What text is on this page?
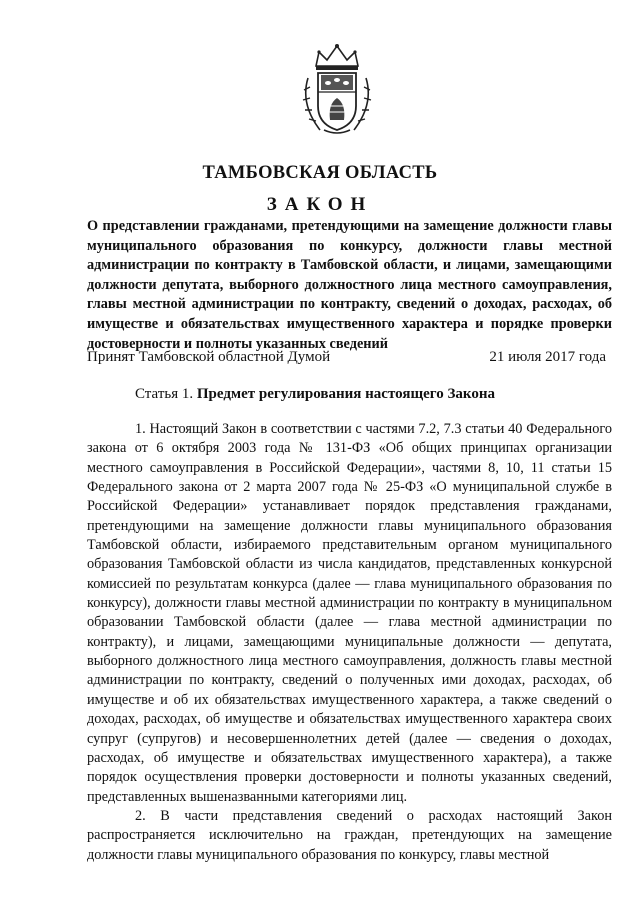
ТАМБОВСКАЯ ОБЛАСТЬ
ЗАКОН
О представлении гражданами, претендующими на замещение должности главы муниципального образования по конкурсу, должности главы местной администрации по контракту в Тамбовской области, и лицами, замещающими должности депутата, выборного должностного лица местного самоуправления, главы местной администрации по контракту, сведений о доходах, расходах, об имуществе и обязательствах имущественного характера и порядке проверки достоверности и полноты указанных сведений
Принят Тамбовской областной Думой	21 июля 2017 года
Статья 1. Предмет регулирования настоящего Закона

1. Настоящий Закон в соответствии с частями 7.2, 7.3 статьи 40 Федерального закона от 6 октября 2003 года № 131-ФЗ «Об общих принципах организации местного самоуправления в Российской Федерации», частями 8, 10, 11 статьи 15 Федерального закона от 2 марта 2007 года № 25-ФЗ «О муниципальной службе в Российской Федерации» устанавливает порядок представления гражданами, претендующими на замещение должности главы муниципального образования Тамбовской области, избираемого представительным органом муниципального образования Тамбовской области из числа кандидатов, представленных конкурсной комиссией по результатам конкурса (далее — глава муниципального образования по конкурсу), должности главы местной администрации по контракту в муниципальном образовании Тамбовской области (далее — глава местной администрации по контракту), и лицами, замещающими муниципальные должности — депутата, выборного должностного лица местного самоуправления, должность главы местной администрации по контракту, сведений о полученных ими доходах, расходах, об имуществе и об их обязательствах имущественного характера, а также сведений о доходах, расходах, об имуществе и обязательствах имущественного характера своих супруг (супругов) и несовершеннолетних детей (далее — сведения о доходах, расходах, об имуществе и обязательствах имущественного характера), а также порядок осуществления проверки достоверности и полноты указанных сведений, представленных вышеназванными категориями лиц.

2. В части представления сведений о расходах настоящий Закон распространяется исключительно на граждан, претендующих на замещение должности главы муниципального образования по конкурсу, главы местной
